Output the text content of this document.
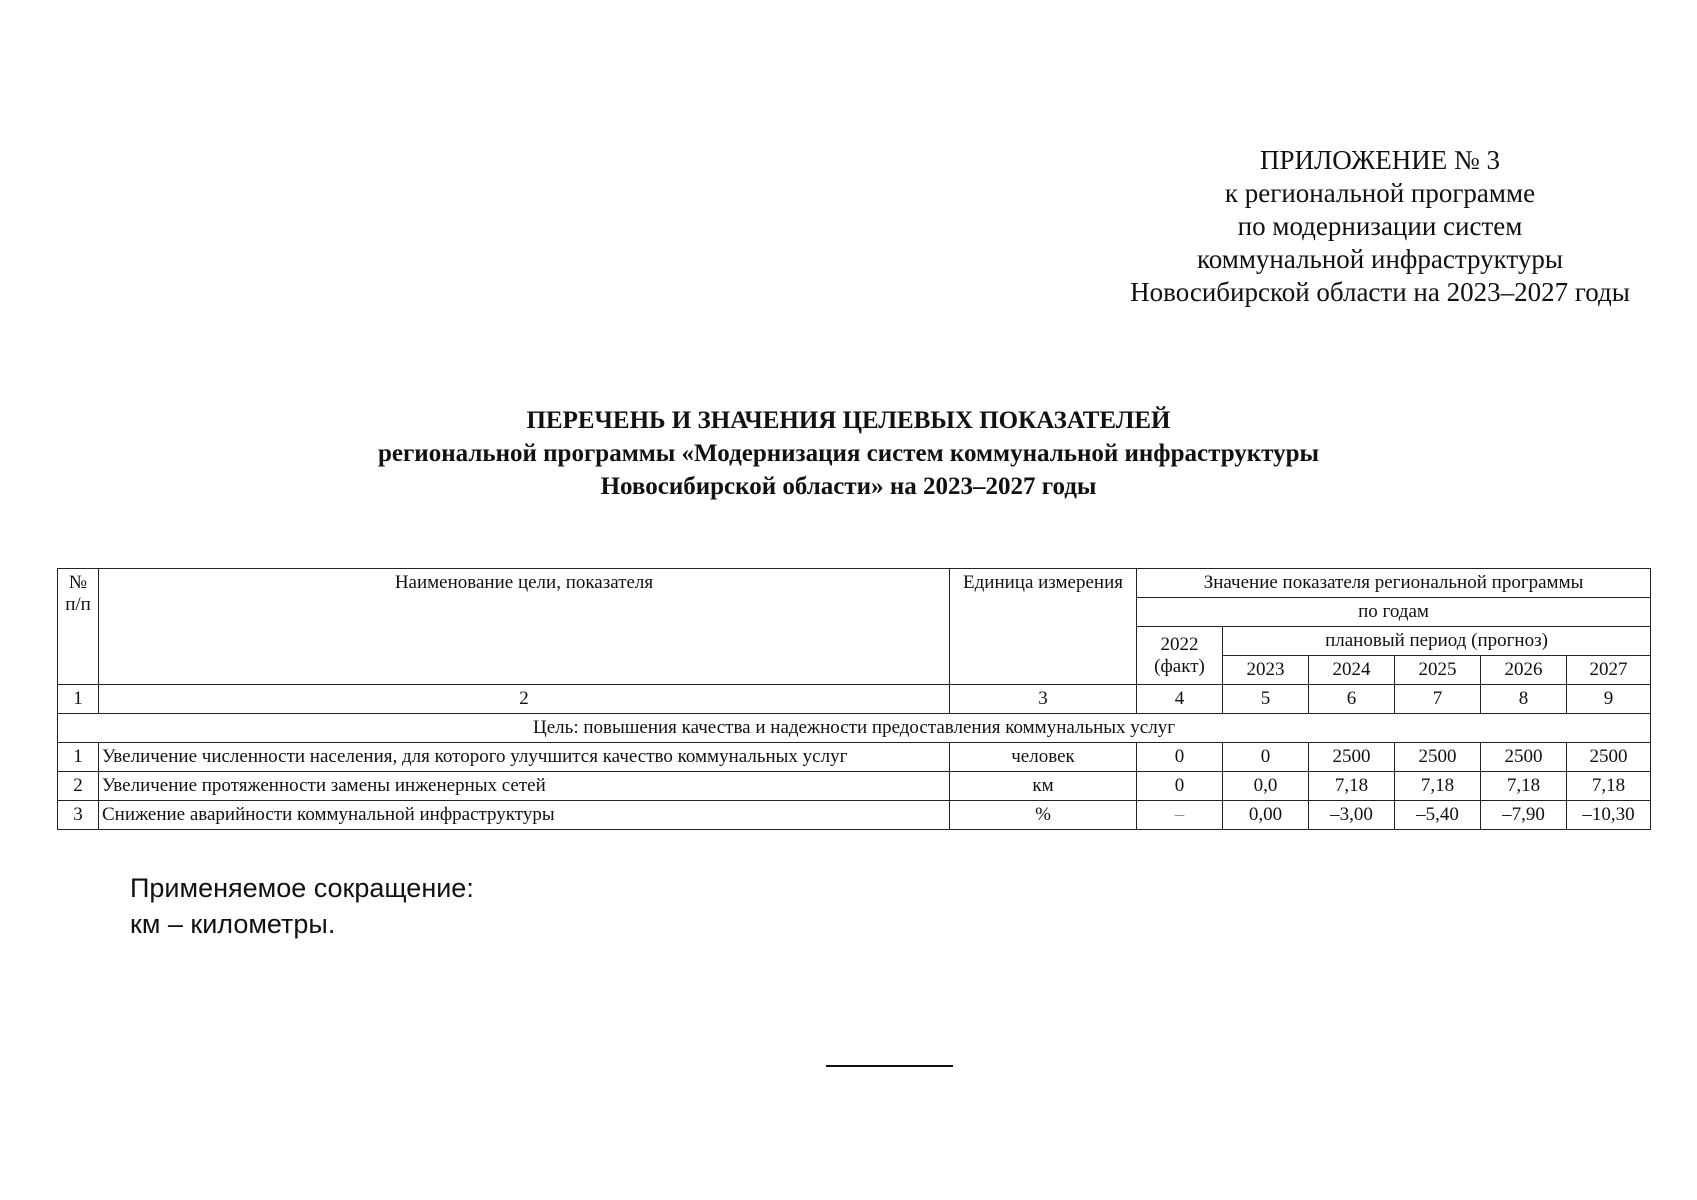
ПРИЛОЖЕНИЕ № 3
к региональной программе
по модернизации систем
коммунальной инфраструктуры
Новосибирской области на 2023–2027 годы
ПЕРЕЧЕНЬ И ЗНАЧЕНИЯ ЦЕЛЕВЫХ ПОКАЗАТЕЛЕЙ
региональной программы «Модернизация систем коммунальной инфраструктуры
Новосибирской области» на 2023–2027 годы
№ п/п	Наименование цели, показателя	Единица измерения	Значение показателя региональной программы					
			по годам					
			2022 (факт)	плановый период (прогноз)				
				2023	2024	2025	2026	2027
1	2	3	4	5	6	7	8	9
Цель: повышения качества и надежности предоставления коммунальных услуг								
1	Увеличение численности населения, для которого улучшится качество коммунальных услуг	человек	0	0	2500	2500	2500	2500
2	Увеличение протяженности замены инженерных сетей	км	0	0,0	7,18	7,18	7,18	7,18
3	Снижение аварийности коммунальной инфраструктуры	%	–	0,00	–3,00	–5,40	–7,90	–10,30
Применяемое сокращение:
км – километры.
